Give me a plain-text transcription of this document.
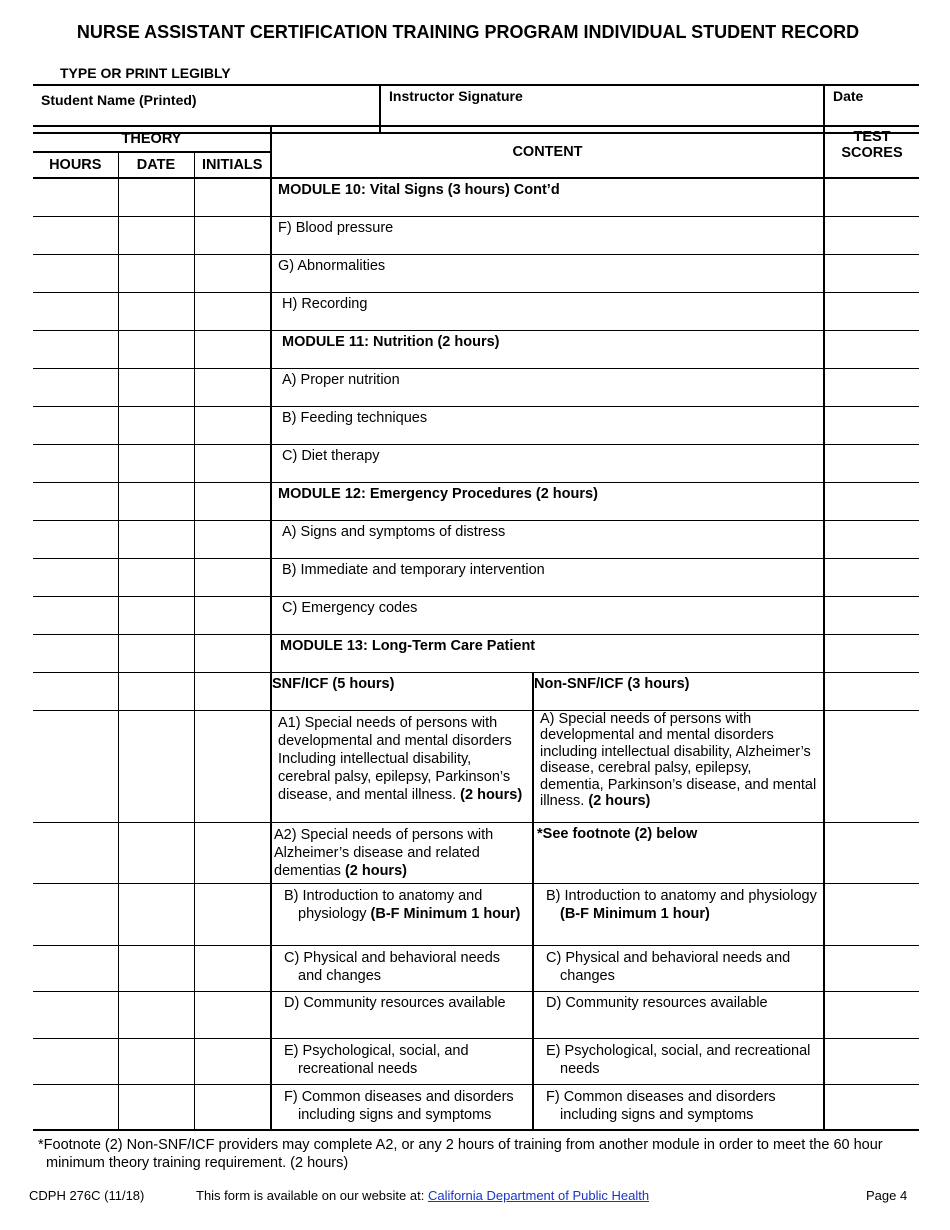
NURSE ASSISTANT CERTIFICATION TRAINING PROGRAM INDIVIDUAL STUDENT RECORD
TYPE OR PRINT LEGIBLY
Student Name (Printed)	Instructor Signature	Date
THEORY			CONTENT		TEST SCORES
HOURS	DATE	INITIALS			
			MODULE 10: Vital Signs (3 hours) Cont’d		
			F) Blood pressure		
			G) Abnormalities		
			H) Recording		
			MODULE 11: Nutrition (2 hours)		
			A) Proper nutrition		
			B) Feeding techniques		
			C) Diet therapy		
			MODULE 12: Emergency Procedures (2 hours)		
			A) Signs and symptoms of distress		
			B) Immediate and temporary intervention		
			C) Emergency codes		
			MODULE 13: Long-Term Care Patient		
			SNF/ICF (5 hours)	Non-SNF/ICF (3 hours)	
			A1) Special needs of persons with developmental and mental disorders Including intellectual disability, cerebral palsy, epilepsy, Parkinson’s disease, and mental illness. (2 hours)	A) Special needs of persons with developmental and mental disorders including intellectual disability, Alzheimer’s disease, cerebral palsy, epilepsy, dementia, Parkinson’s disease, and mental illness. (2 hours)	
			A2) Special needs of persons with Alzheimer’s disease and related dementias (2 hours)	*See footnote (2) below	

			B) Introduction to anatomy and physiology (B-F Minimum 1 hour)	B) Introduction to anatomy and physiology (B-F Minimum 1 hour)	

			C) Physical and behavioral needs and changes	C) Physical and behavioral needs and changes	

			D) Community resources available	D) Community resources available	

			E) Psychological, social, and recreational needs	E) Psychological, social, and recreational needs	

			F) Common diseases and disorders including signs and symptoms	F) Common diseases and disorders including signs and symptoms	

*Footnote (2) Non-SNF/ICF providers may complete A2, or any 2 hours of training from another module in order to meet the 60 hour minimum theory training requirement. (2 hours)
CDPH 276C (11/18)	This form is available on our website at: California Department of Public Health	Page 4
